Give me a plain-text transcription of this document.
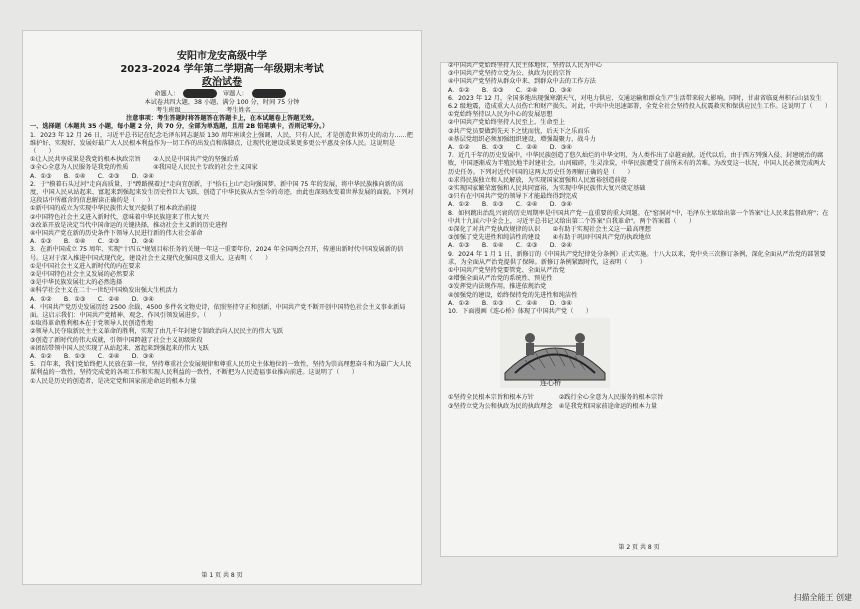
安阳市龙安高级中学

2023-2024 学年第二学期高一年级期末考试

政治试卷

命题人：	审题人：

本试卷共四大题，38 小题，满分 100 分，时间 75 分钟

考生班级＿＿＿＿＿＿　 考生姓名＿＿＿＿＿＿

注意事项：考生答题时将答题答在答题卡上，在本试题卷上答题无效。

一、选择题（本题共 35 小题，每小题 2 分，共 70 分，全部为单选题，且用 2B 铅笔填卡，否则记零分。）

1．2023 年 12 月 26 日，习近平总书记在纪念毛泽东同志诞辰 130 周年座谈会上强调，人民，只有人民，才是创造世界历史的动力……把维护好、实现好、发展好最广大人民根本利益作为一切工作的出发点和落脚点，让现代化建设成果更多更公平惠及全体人民。这说明是（　　）

①让人民共享成果是我党的根本执政宗旨　　②人民是中国共产党的坚强后盾

③全心全意为人民服务是我党的性质　　　　④我国是人民民主专政的社会主义国家

A．①③　　B．①④　　C．②③　　D．②④

2．于"摸着石头过河"走向高质量，于"蹚路摸着过"走向宜创新，于"拾石上山"走向强国梦。新中国 75 年的发展，将中华民族推向新的高度，中国人民从站起来、富起来到强起来发生历史性巨大飞跃，创造了中华民族从古至今的奇迹，由此也深刻改变着世界发展的面貌。下列对这段话中所蕴含的信息解读正确的是（　　）

①新中国的成立为实现中华民族伟大复兴提供了根本政治前提

②中国特色社会主义进入新时代，意味着中华民族迎来了伟大复兴

③改革开放是决定当代中国命运的关键抉择，推动社会主义新的历史进程

④中国共产党在新的历史条件下领导人民进行新的伟大社会革命

A．①③　　B．①④　　C．②③　　D．②④

3．在新中国成立 75 周年、实现"十四五"规划目标任务的关键一年这一重要年份，2024 年全国两会召开，传递出新时代中国发展新的信号。这对于深入推进中国式现代化，建设社会主义现代化强国意义重大。这表明（　　）

①是中国社会主义进入新时代的内在要求

②是中国特色社会主义发展的必然要求

③是中华民族发展壮大的必然选择

④科学社会主义在二十一世纪中国焕发出强大生机活力

A．①②　　B．①③　　C．②④　　D．③④

4．中国共产党历史发展历经 2500 余载，4500 多件名文物史诗，依照坚持守正和创新，中国共产党不断开创中国特色社会主义事业新局面。这启示我们：中国共产党精神、观念、作风引领发展进步。（　　）

①取得革命胜利根本在于党领导人民创造性地

②领导人民夺取新民主主义革命的胜利，实现了由几千年封建专制政治向人民民主的伟大飞跃

③创造了新时代的伟大成就，引领中国跨越了社会主义初级阶段

④团结带领中国人民实现了从站起来、富起来到强起来的伟大飞跃

A．①②　　B．①③　　C．②④　　D．③④

5．百年来，我们党始终把人民放在第一位，坚持尊重社会发展规律和尊重人民历史主体地位的一致性，坚持为崇高理想奋斗和为最广大人民谋利益的一致性，坚持完成党的各项工作和实现人民利益的一致性，不断把为人民造福事业推向前进。这说明了（　　）

①人民是历史的创造者，是决定党和国家前途命运的根本力量

第 1 页 共 8 页

②中国共产党始终坚持人民主体地位，坚持以人民为中心

③中国共产党坚持立党为公、执政为民的宗旨

④中国共产党坚持从群众中来、到群众中去的工作方法

A．①②　　B．①③　　C．②④　　D．③④

6．2023 年 12 月，全国多地出现强寒潮天气，对电力供应、交通运输和群众生产生活带来较大影响。同时，甘肃省临夏州积石山县发生 6.2 级地震，造成重大人员伤亡和财产损失。对此，中共中央迅速部署，全党全社会坚持投入抗震救灾和保供应民生工作。这说明了（　　）

①党始终坚持以人民为中心的发展思想

②中国共产党始终坚持人民至上、生命至上

③共产党员要做到先天下之忧而忧，后天下之乐而乐

④基层党组织必须加强组织建设，增强凝聚力、战斗力

A．①②　　B．①③　　C．②④　　D．③④

7．近几千年的历史发展中，中华民族创造了悠久灿烂的中华文明，为人类作出了卓越贡献。近代以后，由于西方列强入侵、封建统治的腐败，中国逐渐成为半殖民地半封建社会。山河破碎，生灵涂炭，中华民族遭受了前所未有的苦难。为改变这一状况，中国人民必须完成两大历史任务。下列对近代中国的这两大历史任务理解正确的是（　　）

①求得民族独立和人民解放，为实现国家富强和人民富裕创造前提

②实现国家繁荣富强和人民共同富裕，为实现中华民族伟大复兴奠定基础

③只有在中国共产党的领导下才能最终得到完成

A．①②　　B．①③　　C．②④　　D．③④

8．如何跳出治乱兴衰的历史周期率是中国共产党一直重要的重大问题。在"窑洞对"中，毛泽东主席给出第一个答案"让人民来监督政府"；在中共十九届六中全会上，习近平总书记又给出第二个答案"自我革命"。两个答案都（　　）

①深化了对共产党执政规律的认识　　②有助于实现社会主义这一最高理想

③加强了党先进性和纯洁性的建设　　④有助于巩固中国共产党的执政地位

A．①③　　B．①④　　C．②③　　D．②④

9．2024 年 1 月 1 日，新修订的《中国共产党纪律处分条例》正式实施。十八大以来，党中央三次修订条例，深化全面从严治党的部署要求，为全面从严治党提供了保障。新修订条例紧跟时代，这表明（　　）

①中国共产党坚持党要管党、全面从严治党

②增强全面从严治党的系统性、预见性

③发挥党内法规作用，推进依规治党

④加强党的建设，始终保持党的先进性和纯洁性

A．①②　　B．①③　　C．②④　　D．③④

10．下面漫画《连心桥》体现了中国共产党（　　）

连心桥

①坚持全民根本宗旨和根本方针　　　　②践行全心全意为人民服务的根本宗旨

③坚持立党为公和执政为民的执政理念　④是我党和国家前途命运的根本力量

第 2 页 共 8 页
扫描全能王 创建
